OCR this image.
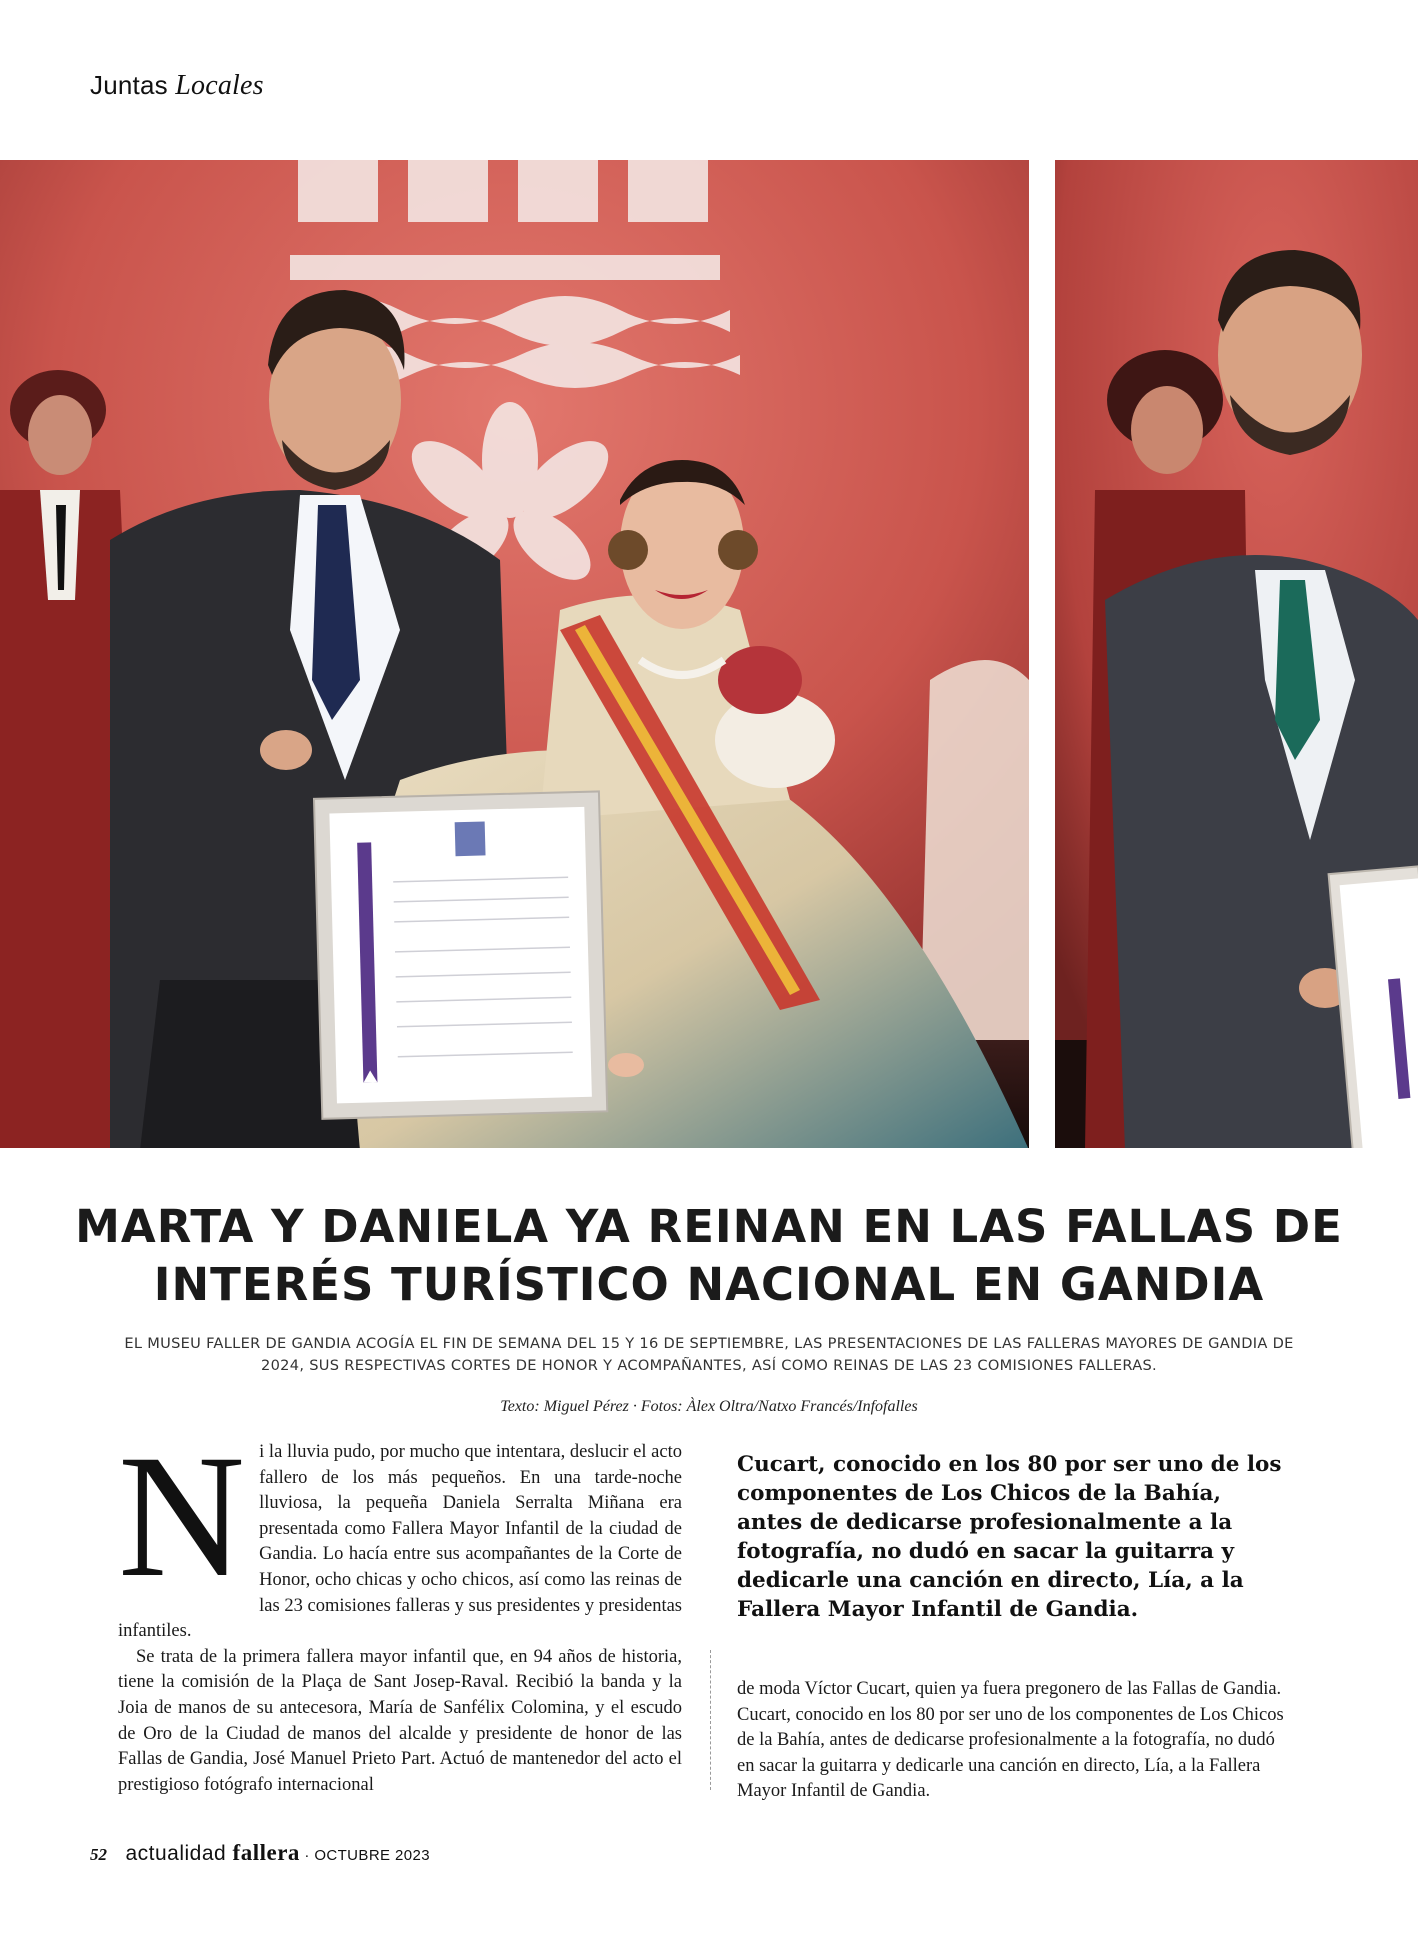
Juntas Locales
MARTA Y DANIELA YA REINAN EN LAS FALLAS DE INTERÉS TURÍSTICO NACIONAL EN GANDIA

EL MUSEU FALLER DE GANDIA ACOGÍA EL FIN DE SEMANA DEL 15 Y 16 DE SEPTIEMBRE, LAS PRESENTACIONES DE LAS FALLERAS MAYORES DE GANDIA DE 2024, SUS RESPECTIVAS CORTES DE HONOR Y ACOMPAÑANTES, ASÍ COMO REINAS DE LAS 23 COMISIONES FALLERAS.

Texto: Miguel Pérez · Fotos: Àlex Oltra/Natxo Francés/Infofalles

Ni la lluvia pudo, por mucho que intentara, deslucir el acto fallero de los más pequeños. En una tarde-noche lluviosa, la pequeña Daniela Serralta Miñana era presentada como Fallera Mayor Infantil de la ciudad de Gandia. Lo hacía entre sus acompañantes de la Corte de Honor, ocho chicas y ocho chicos, así como las reinas de las 23 comisiones falleras y sus presidentes y presidentas infantiles.

Se trata de la primera fallera mayor infantil que, en 94 años de historia, tiene la comisión de la Plaça de Sant Josep-Raval. Recibió la banda y la Joia de manos de su antecesora, María de Sanfélix Colomina, y el escudo de Oro de la Ciudad de manos del alcalde y presidente de honor de las Fallas de Gandia, José Manuel Prieto Part. Actuó de mantenedor del acto el prestigioso fotógrafo internacional

Cucart, conocido en los 80 por ser uno de los componentes de Los Chicos de la Bahía, antes de dedicarse profesionalmente a la fotografía, no dudó en sacar la guitarra y dedicarle una canción en directo, Lía, a la Fallera Mayor Infantil de Gandia.

de moda Víctor Cucart, quien ya fuera pregonero de las Fallas de Gandia. Cucart, conocido en los 80 por ser uno de los componentes de Los Chicos de la Bahía, antes de dedicarse profesionalmente a la fotografía, no dudó en sacar la guitarra y dedicarle una canción en directo, Lía, a la Fallera Mayor Infantil de Gandia.

52 actualidad fallera · OCTUBRE 2023
